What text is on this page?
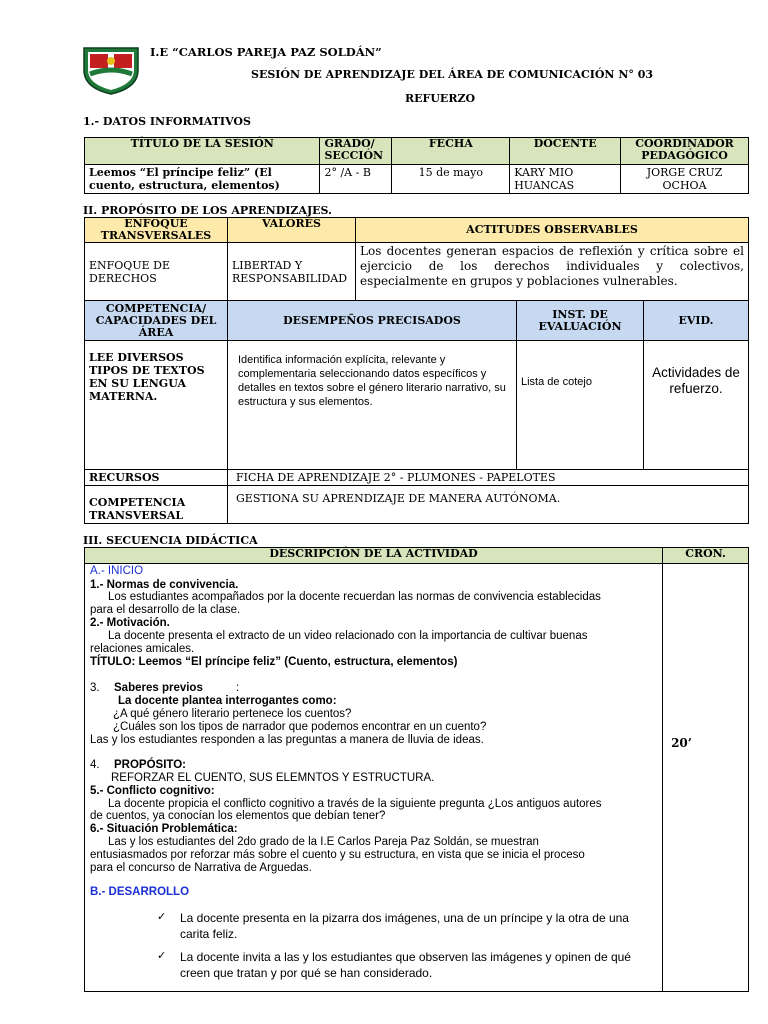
I.E “CARLOS PAREJA PAZ SOLDÁN”
SESIÓN DE APRENDIZAJE DEL ÁREA DE COMUNICACIÓN N° 03
REFUERZO
1.- DATOS INFORMATIVOS
TÍTULO DE LA SESIÓN	GRADO/ SECCIÓN	FECHA	DOCENTE	COORDINADOR PEDAGÓGICO
Leemos “El príncipe feliz” (El cuento, estructura, elementos)	2° /A - B	15 de mayo	KARY MIO HUANCAS	JORGE CRUZ OCHOA
II. PROPÓSITO DE LOS APRENDIZAJES.
ENFOQUE TRANSVERSALES	VALORES	ACTITUDES OBSERVABLES		
ENFOQUE DE DERECHOS	LIBERTAD Y RESPONSABILIDAD	Los docentes generan espacios de reflexión y crítica sobre el ejercicio de los derechos individuales y colectivos, especialmente en grupos y poblaciones vulnerables.		
COMPETENCIA/ CAPACIDADES DEL ÁREA	DESEMPEÑOS PRECISADOS		INST. DE EVALUACIÓN	EVID.
LEE DIVERSOS TIPOS DE TEXTOS EN SU LENGUA MATERNA.	Identifica información explícita, relevante y complementaria seleccionando datos específicos y detalles en textos sobre el género literario narrativo, su estructura y sus elementos.		Lista de cotejo	Actividades de refuerzo.
RECURSOS	FICHA DE APRENDIZAJE 2° - PLUMONES - PAPELOTES			
COMPETENCIA TRANSVERSAL	GESTIONA SU APRENDIZAJE DE MANERA AUTÓNOMA.			
III. SECUENCIA DIDÁCTICA
DESCRIPCIÓN DE LA ACTIVIDAD	CRON.
	20’
A.- INICIO
1.- Normas de convivencia.
Los estudiantes acompañados por la docente recuerdan las normas de convivencia establecidas
para el desarrollo de la clase.
2.- Motivación.
La docente presenta el extracto de un video relacionado con la importancia de cultivar buenas
relaciones amicales.
TÍTULO: Leemos “El príncipe feliz” (Cuento, estructura, elementos)
3. Saberes previos	:
La docente plantea interrogantes como:
¿A qué género literario pertenece los cuentos?
¿Cuáles son los tipos de narrador que podemos encontrar en un cuento?
Las y los estudiantes responden a las preguntas a manera de lluvia de ideas.
4. PROPÓSITO:
REFORZAR EL CUENTO, SUS ELEMNTOS Y ESTRUCTURA.
5.- Conflicto cognitivo:
La docente propicia el conflicto cognitivo a través de la siguiente pregunta ¿Los antiguos autores
de cuentos, ya conocían los elementos que debían tener?
6.- Situación Problemática:
Las y los estudiantes del 2do grado de la I.E Carlos Pareja Paz Soldán, se muestran
entusiasmados por reforzar más sobre el cuento y su estructura, en vista que se inicia el proceso
para el concurso de Narrativa de Arguedas.
B.- DESARROLLO
✓ La docente presenta en la pizarra dos imágenes, una de un príncipe y la otra de una
carita feliz.
✓ La docente invita a las y los estudiantes que observen las imágenes y opinen de qué
creen que tratan y por qué se han considerado.
